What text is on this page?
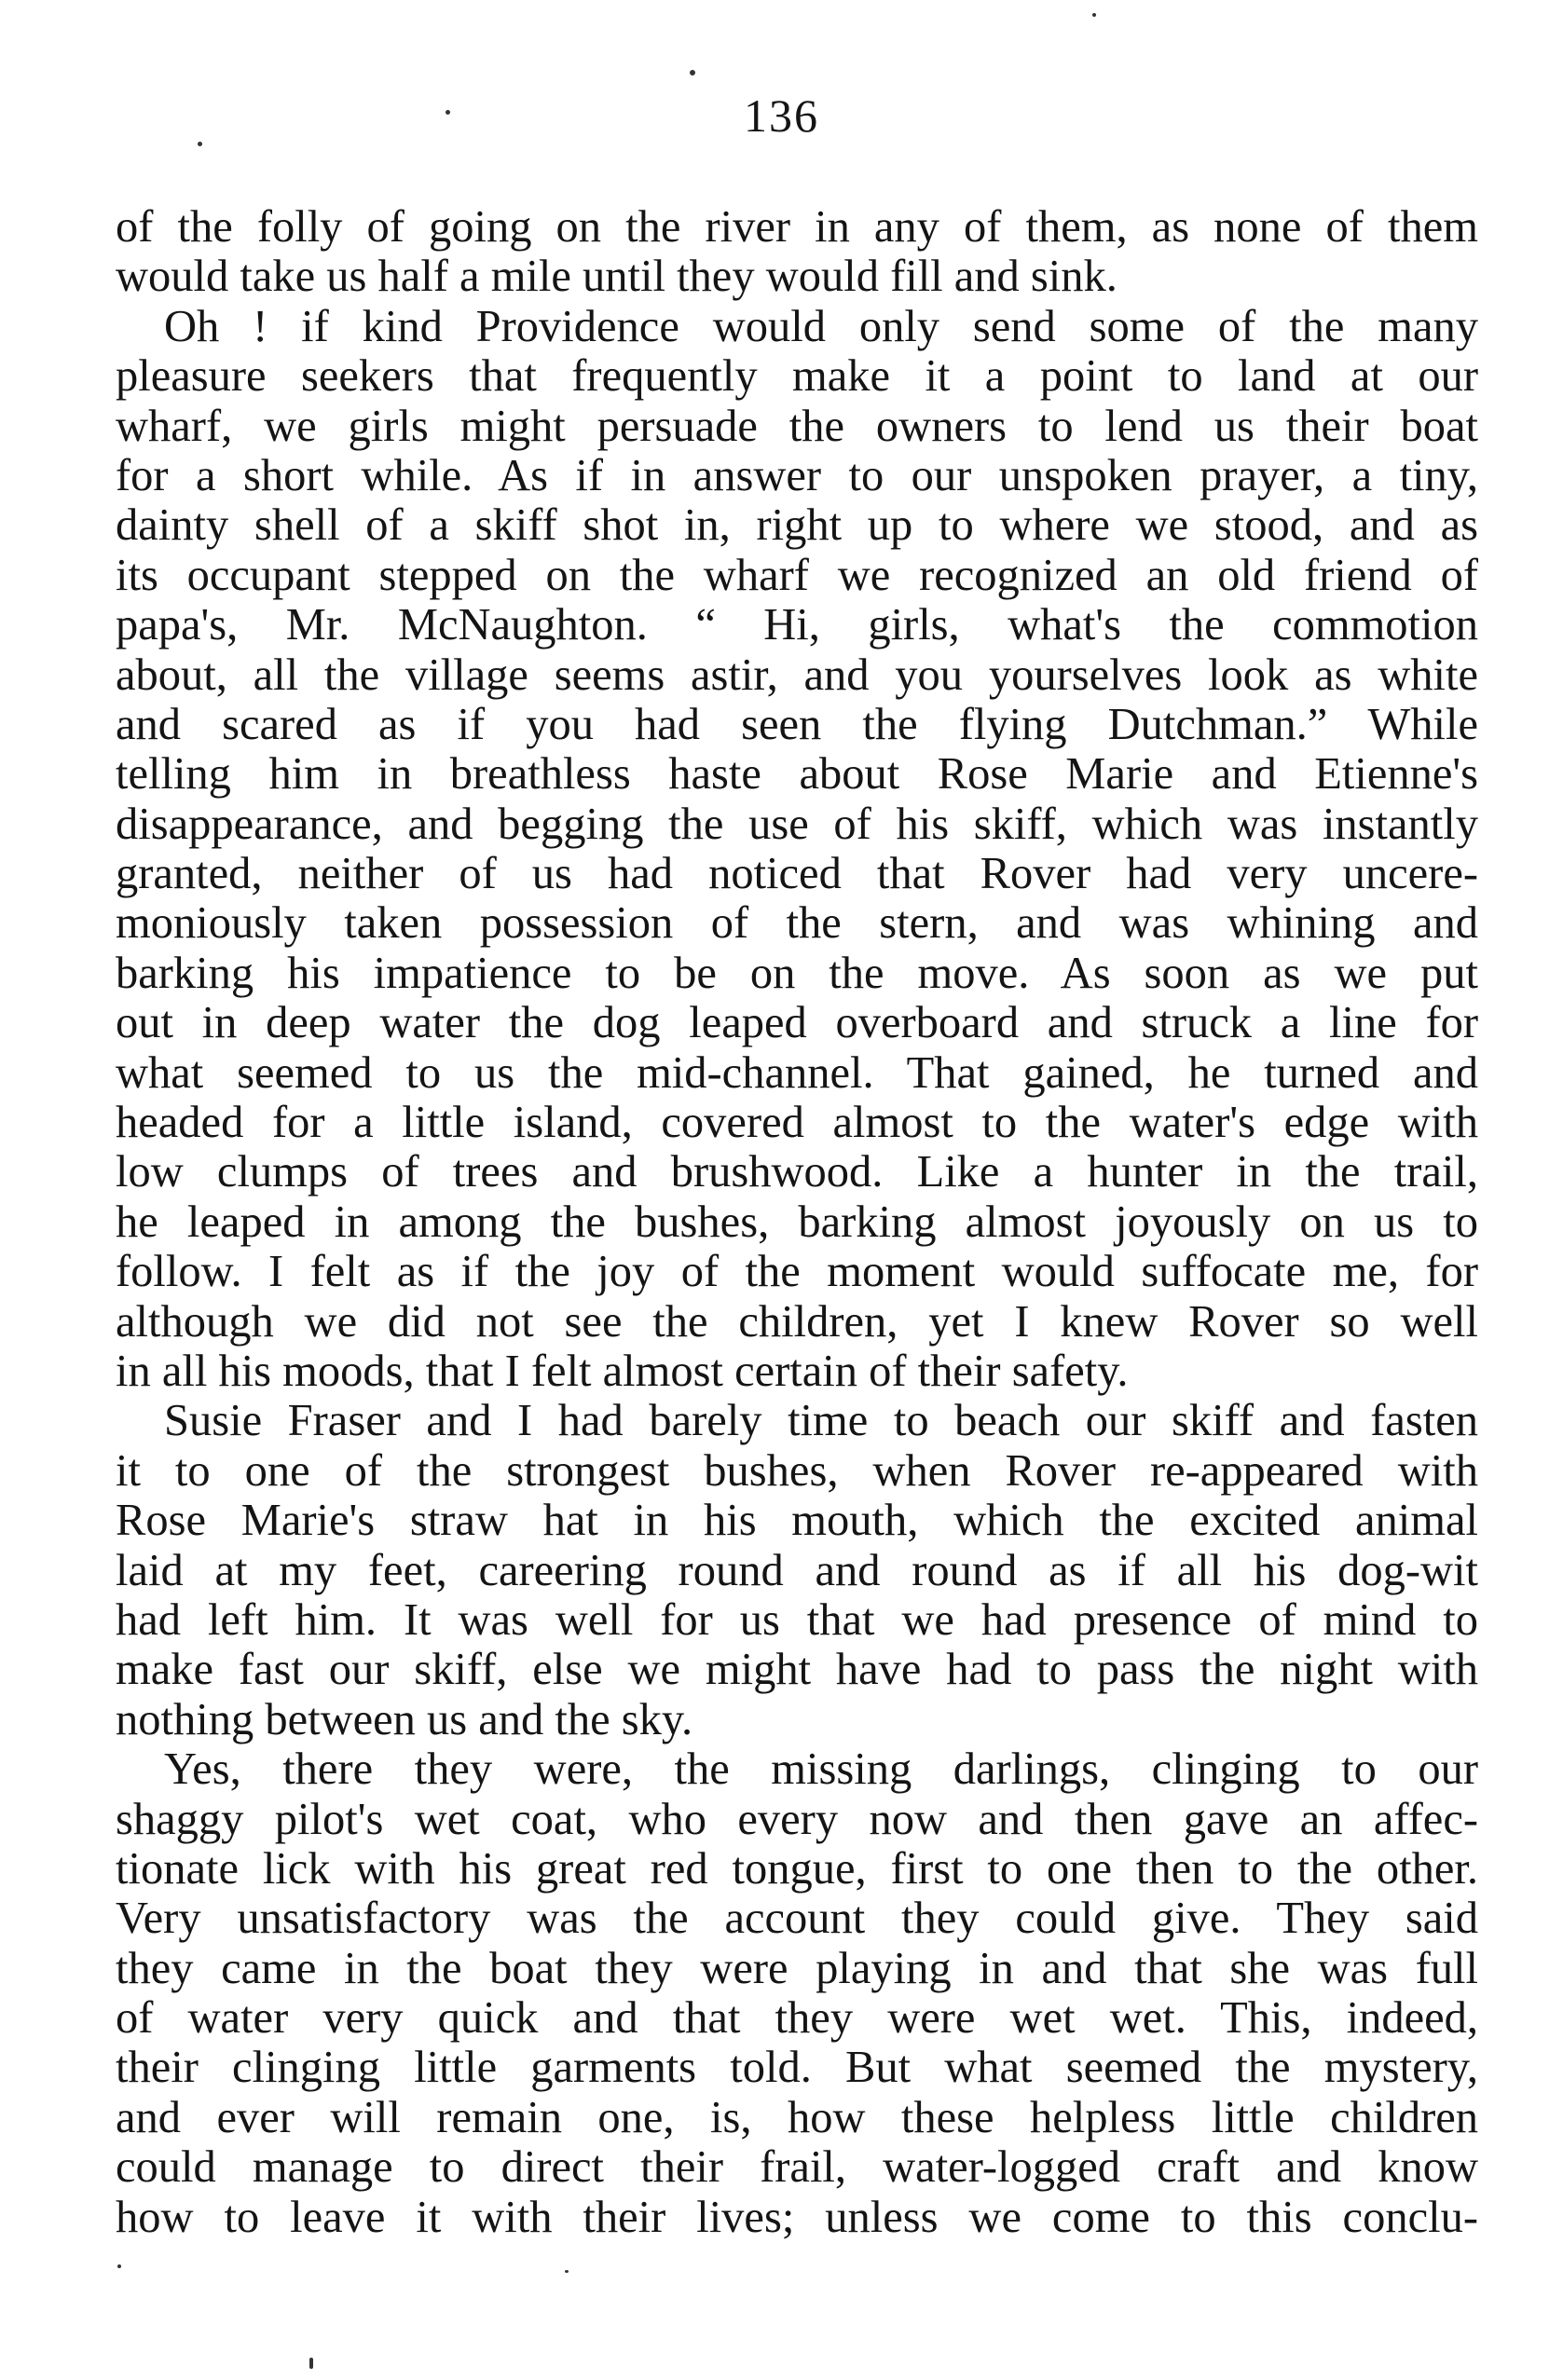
136
of the folly of going on the river in any of them, as none of them
would take us half a mile until they would fill and sink.
Oh ! if kind Providence would only send some of the many
pleasure seekers that frequently make it a point to land at our
wharf, we girls might persuade the owners to lend us their boat
for a short while. As if in answer to our unspoken prayer, a tiny,
dainty shell of a skiff shot in, right up to where we stood, and as
its occupant stepped on the wharf we recognized an old friend of
papa's, Mr. McNaughton. “ Hi, girls, what's the commotion
about, all the village seems astir, and you yourselves look as white
and scared as if you had seen the flying Dutchman.” While
telling him in breathless haste about Rose Marie and Etienne's
disappearance, and begging the use of his skiff, which was instantly
granted, neither of us had noticed that Rover had very uncere-
moniously taken possession of the stern, and was whining and
barking his impatience to be on the move. As soon as we put
out in deep water the dog leaped overboard and struck a line for
what seemed to us the mid-channel. That gained, he turned and
headed for a little island, covered almost to the water's edge with
low clumps of trees and brushwood. Like a hunter in the trail,
he leaped in among the bushes, barking almost joyously on us to
follow. I felt as if the joy of the moment would suffocate me, for
although we did not see the children, yet I knew Rover so well
in all his moods, that I felt almost certain of their safety.
Susie Fraser and I had barely time to beach our skiff and fasten
it to one of the strongest bushes, when Rover re-appeared with
Rose Marie's straw hat in his mouth, which the excited animal
laid at my feet, careering round and round as if all his dog-wit
had left him. It was well for us that we had presence of mind to
make fast our skiff, else we might have had to pass the night with
nothing between us and the sky.
Yes, there they were, the missing darlings, clinging to our
shaggy pilot's wet coat, who every now and then gave an affec-
tionate lick with his great red tongue, first to one then to the other.
Very unsatisfactory was the account they could give. They said
they came in the boat they were playing in and that she was full
of water very quick and that they were wet wet. This, indeed,
their clinging little garments told. But what seemed the mystery,
and ever will remain one, is, how these helpless little children
could manage to direct their frail, water-logged craft and know
how to leave it with their lives; unless we come to this conclu-
